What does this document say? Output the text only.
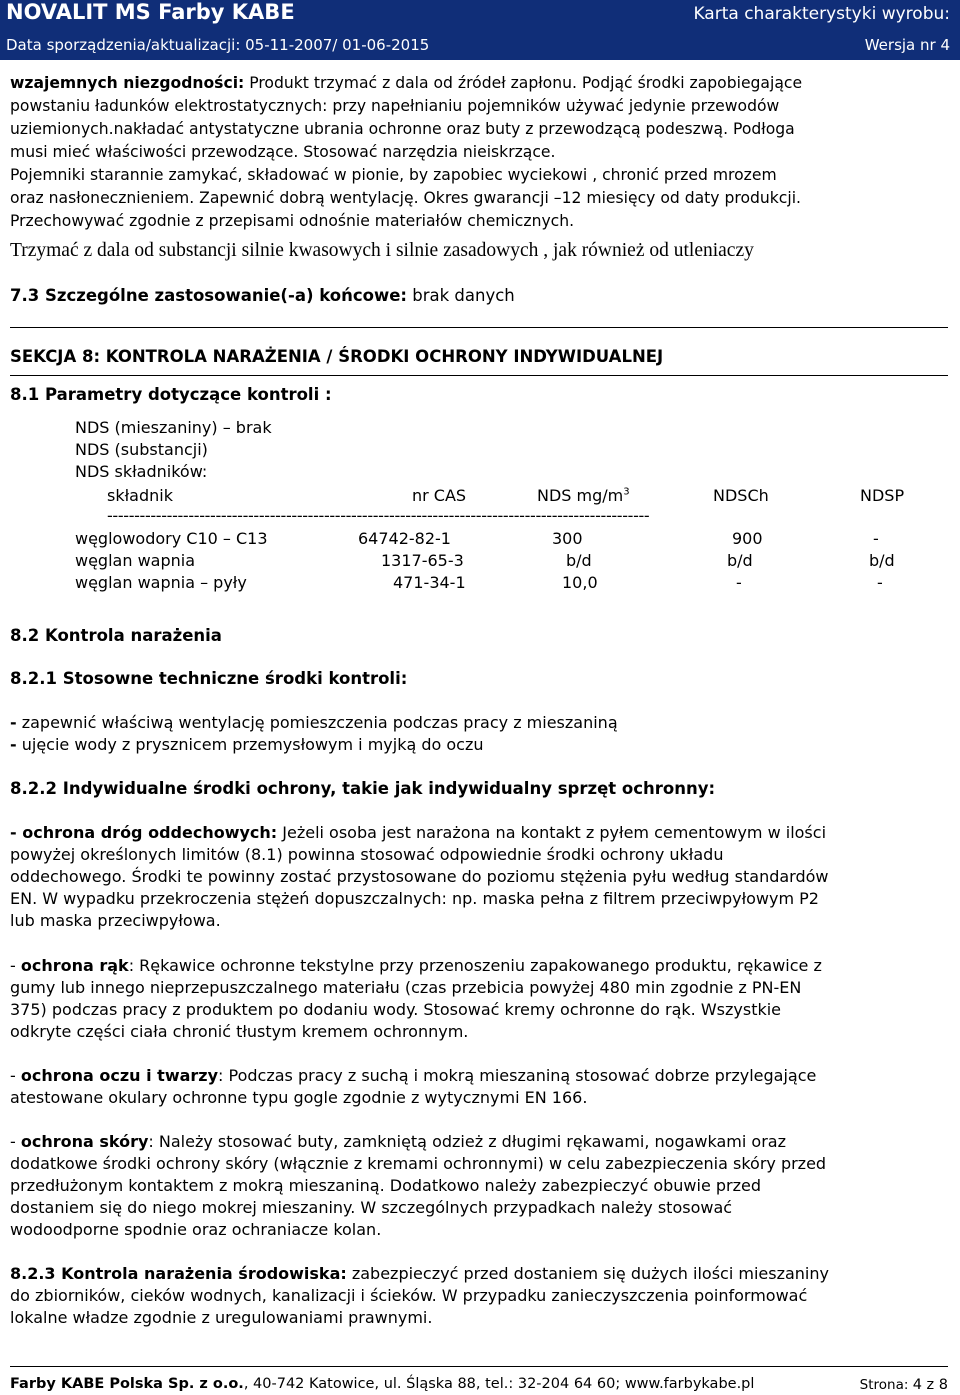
NOVALIT MS Farby KABE	Karta charakterystyki wyrobu:
Data sporządzenia/aktualizacji: 05-11-2007/ 01-06-2015	Wersja nr 4
wzajemnych niezgodności: Produkt trzymać z dala od źródeł zapłonu. Podjąć środki zapobiegające
powstaniu ładunków elektrostatycznych: przy napełnianiu pojemników używać jedynie przewodów
uziemionych.nakładać antystatyczne ubrania ochronne oraz buty z przewodzącą podeszwą. Podłoga
musi mieć właściwości przewodzące. Stosować narzędzia nieiskrzące.
Pojemniki starannie zamykać, składować w pionie, by zapobiec wyciekowi , chronić przed mrozem
oraz nasłonecznieniem. Zapewnić dobrą wentylację. Okres gwarancji –12 miesięcy od daty produkcji.
Przechowywać zgodnie z przepisami odnośnie materiałów chemicznych.
Trzymać z dala od substancji silnie kwasowych i silnie zasadowych , jak również od utleniaczy
7.3 Szczególne zastosowanie(-a) końcowe: brak danych
SEKCJA 8: KONTROLA NARAŻENIA / ŚRODKI OCHRONY INDYWIDUALNEJ
8.1 Parametry dotyczące kontroli :
NDS (mieszaniny) – brak
NDS (substancji)
NDS składników:
składnik	nr CAS	NDS $mg/m^3$	NDSCh	NDSP
----------------------------------------------------------------------------------------------------
węglowodory C10 – C13	64742-82-1	300	900	-
węglan wapnia	1317-65-3	b/d	b/d	b/d
węglan wapnia – pyły	471-34-1	10,0	-	-
8.2 Kontrola narażenia
8.2.1 Stosowne techniczne środki kontroli:
- zapewnić właściwą wentylację pomieszczenia podczas pracy z mieszaniną
- ujęcie wody z prysznicem przemysłowym i myjką do oczu
8.2.2 Indywidualne środki ochrony, takie jak indywidualny sprzęt ochronny:
- ochrona dróg oddechowych: Jeżeli osoba jest narażona na kontakt z pyłem cementowym w ilości
powyżej określonych limitów (8.1) powinna stosować odpowiednie środki ochrony układu
oddechowego. Środki te powinny zostać przystosowane do poziomu stężenia pyłu według standardów
EN. W wypadku przekroczenia stężeń dopuszczalnych: np. maska pełna z filtrem przeciwpyłowym P2
lub maska przeciwpyłowa.
- ochrona rąk: Rękawice ochronne tekstylne przy przenoszeniu zapakowanego produktu, rękawice z
gumy lub innego nieprzepuszczalnego materiału (czas przebicia powyżej 480 min zgodnie z PN-EN
375) podczas pracy z produktem po dodaniu wody. Stosować kremy ochronne do rąk. Wszystkie
odkryte części ciała chronić tłustym kremem ochronnym.
- ochrona oczu i twarzy: Podczas pracy z suchą i mokrą mieszaniną stosować dobrze przylegające
atestowane okulary ochronne typu gogle zgodnie z wytycznymi EN 166.
- ochrona skóry: Należy stosować buty, zamkniętą odzież z długimi rękawami, nogawkami oraz
dodatkowe środki ochrony skóry (włącznie z kremami ochronnymi) w celu zabezpieczenia skóry przed
przedłużonym kontaktem z mokrą mieszaniną. Dodatkowo należy zabezpieczyć obuwie przed
dostaniem się do niego mokrej mieszaniny. W szczególnych przypadkach należy stosować
wodoodporne spodnie oraz ochraniacze kolan.
8.2.3 Kontrola narażenia środowiska: zabezpieczyć przed dostaniem się dużych ilości mieszaniny
do zbiorników, cieków wodnych, kanalizacji i ścieków. W przypadku zanieczyszczenia poinformować
lokalne władze zgodnie z uregulowaniami prawnymi.
Farby KABE Polska Sp. z o.o., 40-742 Katowice, ul. Śląska 88, tel.: 32-204 64 60; www.farbykabe.pl	Strona: 4 z 8
